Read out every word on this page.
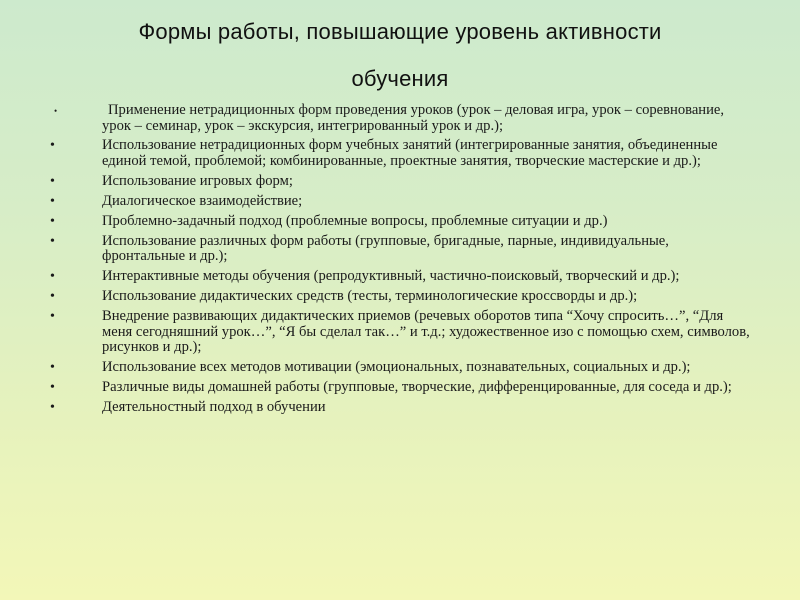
Формы работы, повышающие уровень активности
обучения
•	Применение нетрадиционных форм проведения уроков (урок – деловая игра, урок – соревнование, урок – семинар, урок – экскурсия, интегрированный урок и др.);
•	Использование нетрадиционных форм учебных занятий (интегрированные занятия, объединенные единой темой, проблемой; комбинированные, проектные занятия, творческие мастерские и др.);
•	Использование игровых форм;
•	Диалогическое взаимодействие;
•	Проблемно-задачный подход (проблемные вопросы, проблемные ситуации и др.)
•	Использование различных форм работы (групповые, бригадные, парные, индивидуальные, фронтальные и др.);
•	Интерактивные методы обучения (репродуктивный, частично-поисковый, творческий и др.);
•	Использование дидактических средств (тесты, терминологические кроссворды и др.);
•	Внедрение развивающих дидактических приемов (речевых оборотов типа “Хочу спросить…”, “Для меня сегодняшний урок…”, “Я бы сделал так…” и т.д.; художественное изо с помощью схем, символов, рисунков и др.);
•	Использование всех методов мотивации (эмоциональных, познавательных, социальных и др.);
•	Различные виды домашней работы (групповые, творческие, дифференцированные, для соседа и др.);
•	Деятельностный подход в обучении
